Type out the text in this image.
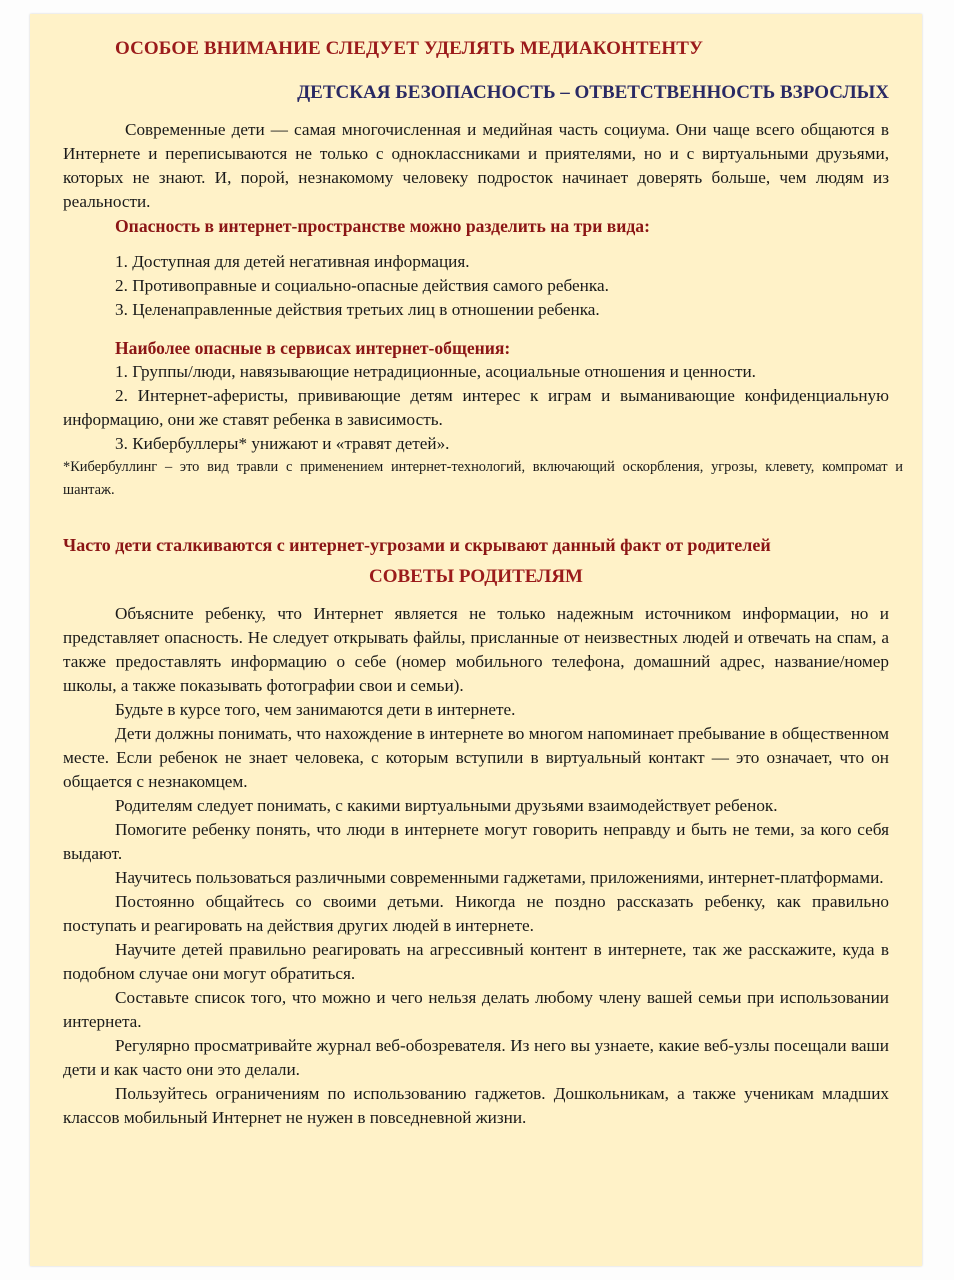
ОСОБОЕ ВНИМАНИЕ СЛЕДУЕТ УДЕЛЯТЬ МЕДИАКОНТЕНТУ
ДЕТСКАЯ БЕЗОПАСНОСТЬ – ОТВЕТСТВЕННОСТЬ ВЗРОСЛЫХ

Современные дети — самая многочисленная и медийная часть социума. Они чаще всего общаются в Интернете и переписываются не только с одноклассниками и приятелями, но и с виртуальными друзьями, которых не знают. И, порой, незнакомому человеку подросток начинает доверять больше, чем людям из реальности.

Опасность в интернет-пространстве можно разделить на три вида:
1. Доступная для детей негативная информация.
2. Противоправные и социально-опасные действия самого ребенка.
3. Целенаправленные действия третьих лиц в отношении ребенка.
Наиболее опасные в сервисах интернет-общения:

1. Группы/люди, навязывающие нетрадиционные, асоциальные отношения и ценности.

2. Интернет-аферисты, прививающие детям интерес к играм и выманивающие конфиденциальную информацию, они же ставят ребенка в зависимость.

3. Кибербуллеры* унижают и «травят детей».

*Кибербуллинг – это вид травли с применением интернет-технологий, включающий оскорбления, угрозы, клевету, компромат и шантаж.

Часто дети сталкиваются с интернет-угрозами и скрывают данный факт от родителей
СОВЕТЫ РОДИТЕЛЯМ

Объясните ребенку, что Интернет является не только надежным источником информации, но и представляет опасность. Не следует открывать файлы, присланные от неизвестных людей и отвечать на спам, а также предоставлять информацию о себе (номер мобильного телефона, домашний адрес, название/номер школы, а также показывать фотографии свои и семьи).

Будьте в курсе того, чем занимаются дети в интернете.

Дети должны понимать, что нахождение в интернете во многом напоминает пребывание в общественном месте. Если ребенок не знает человека, с которым вступили в виртуальный контакт — это означает, что он общается с незнакомцем.

Родителям следует понимать, с какими виртуальными друзьями взаимодействует ребенок.

Помогите ребенку понять, что люди в интернете могут говорить неправду и быть не теми, за кого себя выдают.

Научитесь пользоваться различными современными гаджетами, приложениями, интернет-платформами.

Постоянно общайтесь со своими детьми. Никогда не поздно рассказать ребенку, как правильно поступать и реагировать на действия других людей в интернете.

Научите детей правильно реагировать на агрессивный контент в интернете, так же расскажите, куда в подобном случае они могут обратиться.

Составьте список того, что можно и чего нельзя делать любому члену вашей семьи при использовании интернета.

Регулярно просматривайте журнал веб-обозревателя. Из него вы узнаете, какие веб-узлы посещали ваши дети и как часто они это делали.

Пользуйтесь ограничениям по использованию гаджетов. Дошкольникам, а также ученикам младших классов мобильный Интернет не нужен в повседневной жизни.
